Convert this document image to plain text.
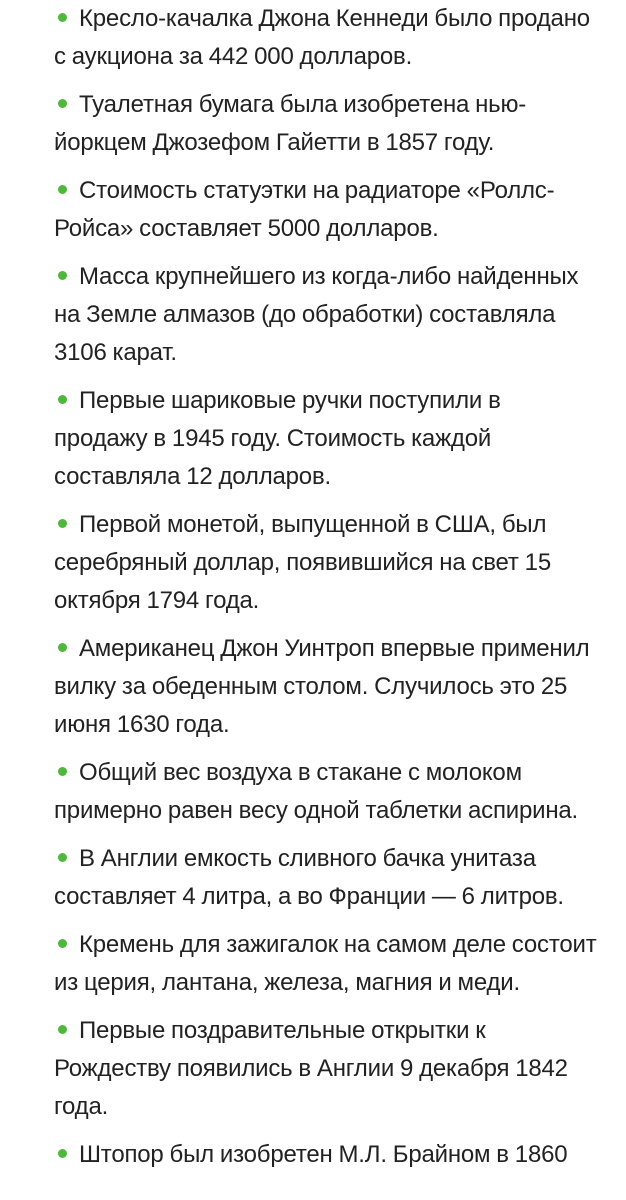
Кресло-качалка Джона Кеннеди было проданo с аукциона за 442 000 долларов.
Туалетная бумага была изобретена нью-йоркцем Джозефом Гайетти в 1857 году.
Стоимость статуэтки на радиаторе «Роллс-Ройса» составляет 5000 долларов.
Масса крупнейшего из когда-либо найденных на Земле алмазов (до обработки) составляла 3106 карат.
Первые шариковые ручки поступили в продажу в 1945 году. Стоимость каждой составляла 12 долларов.
Первой монетой, выпущенной в США, был серебряный доллар, появившийся на свет 15 октября 1794 года.
Американец Джон Уинтроп впервые применил вилку за обеденным столом. Случилось это 25 июня 1630 года.
Общий вес воздуха в стакане с молоком примерно равен весу одной таблетки аспирина.
В Англии емкость сливного бачка унитаза составляет 4 литра, а во Франции — 6 литров.
Кремень для зажигалок на самом деле состоит из церия, лантана, железа, магния и меди.
Первые поздравительные открытки к Рождеству появились в Англии 9 декабря 1842 года.
Штопор был изобретен М.Л. Брайном в 1860
